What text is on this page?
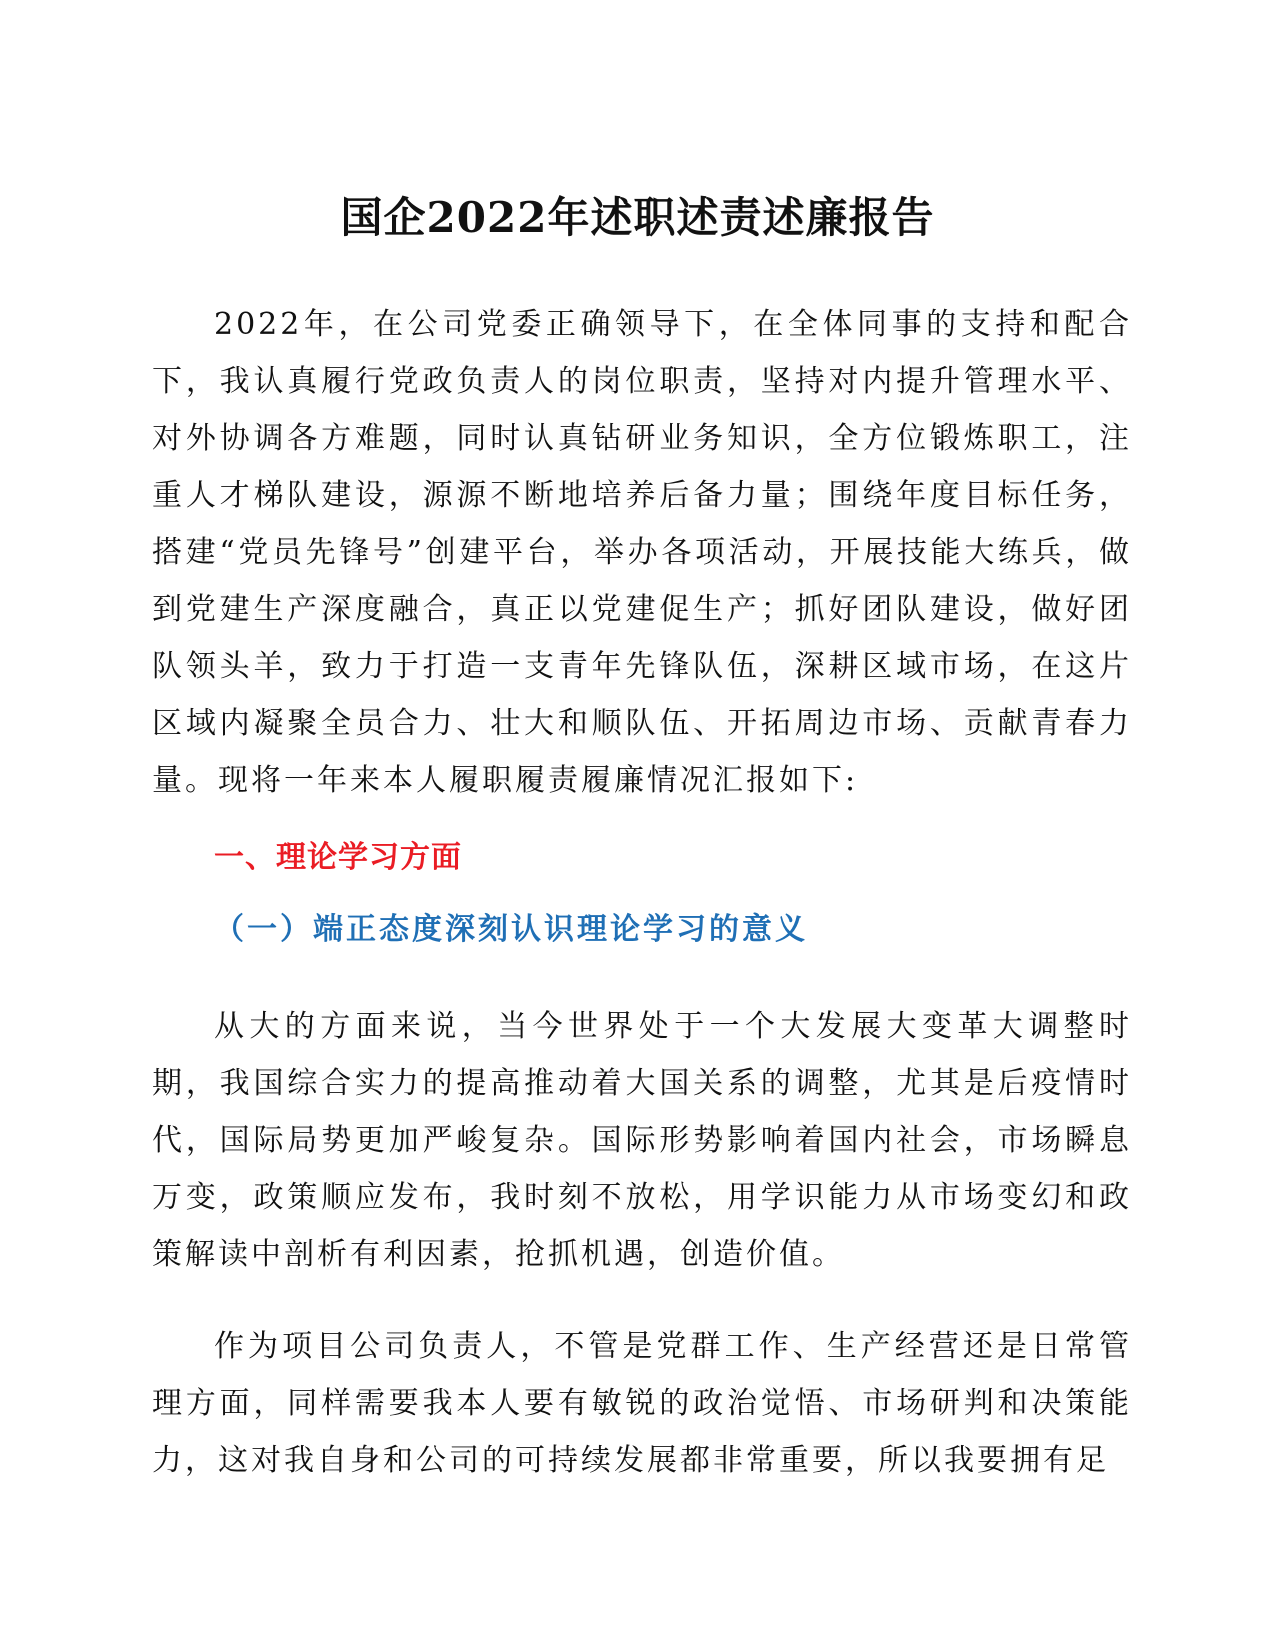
国企2022年述职述责述廉报告

2022年，在公司党委正确领导下，在全体同事的支持和配合下，我认真履行党政负责人的岗位职责，坚持对内提升管理水平、对外协调各方难题，同时认真钻研业务知识，全方位锻炼职工，注重人才梯队建设，源源不断地培养后备力量；围绕年度目标任务，搭建“党员先锋号”创建平台，举办各项活动，开展技能大练兵，做到党建生产深度融合，真正以党建促生产；抓好团队建设，做好团队领头羊，致力于打造一支青年先锋队伍，深耕区域市场，在这片区域内凝聚全员合力、壮大和顺队伍、开拓周边市场、贡献青春力量。现将一年来本人履职履责履廉情况汇报如下:

一、理论学习方面
（一）端正态度深刻认识理论学习的意义

从大的方面来说，当今世界处于一个大发展大变革大调整时期，我国综合实力的提高推动着大国关系的调整，尤其是后疫情时代，国际局势更加严峻复杂。国际形势影响着国内社会，市场瞬息万变，政策顺应发布，我时刻不放松，用学识能力从市场变幻和政策解读中剖析有利因素，抢抓机遇，创造价值。

作为项目公司负责人，不管是党群工作、生产经营还是日常管理方面，同样需要我本人要有敏锐的政治觉悟、市场研判和决策能力，这对我自身和公司的可持续发展都非常重要，所以我要拥有足
